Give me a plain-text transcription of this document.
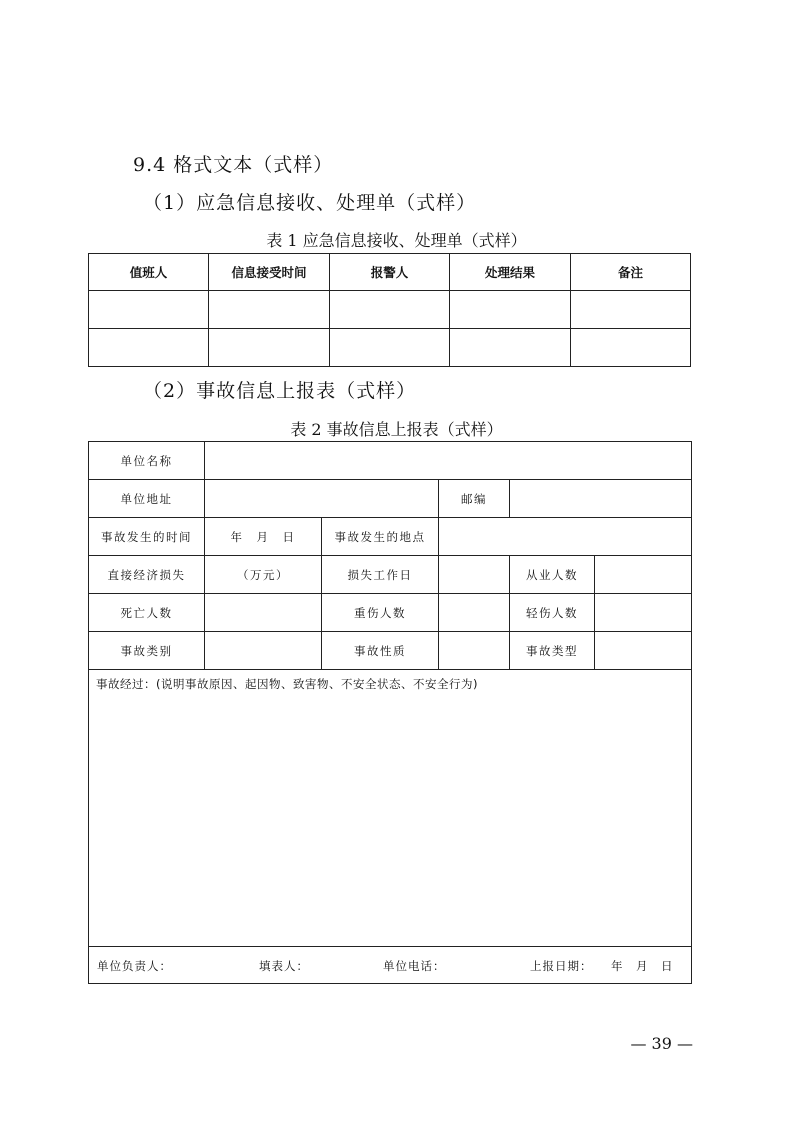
9.4 格式文本（式样）
（1）应急信息接收、处理单（式样）
表 1 应急信息接收、处理单（式样）
值班人	信息接受时间	报警人	处理结果	备注

（2）事故信息上报表（式样）
表 2 事故信息上报表（式样）
单位名称					
单位地址			邮编		
事故发生的时间	年　月　日	事故发生的地点			
直接经济损失	（万元）	损失工作日		从业人数	
死亡人数		重伤人数		轻伤人数	
事故类别		事故性质		事故类型	
事故经过：(说明事故原因、起因物、致害物、不安全状态、不安全行为)					

单位负责人： 填表人： 单位电话： 上报日期： 年　月　日					
— 39 —
